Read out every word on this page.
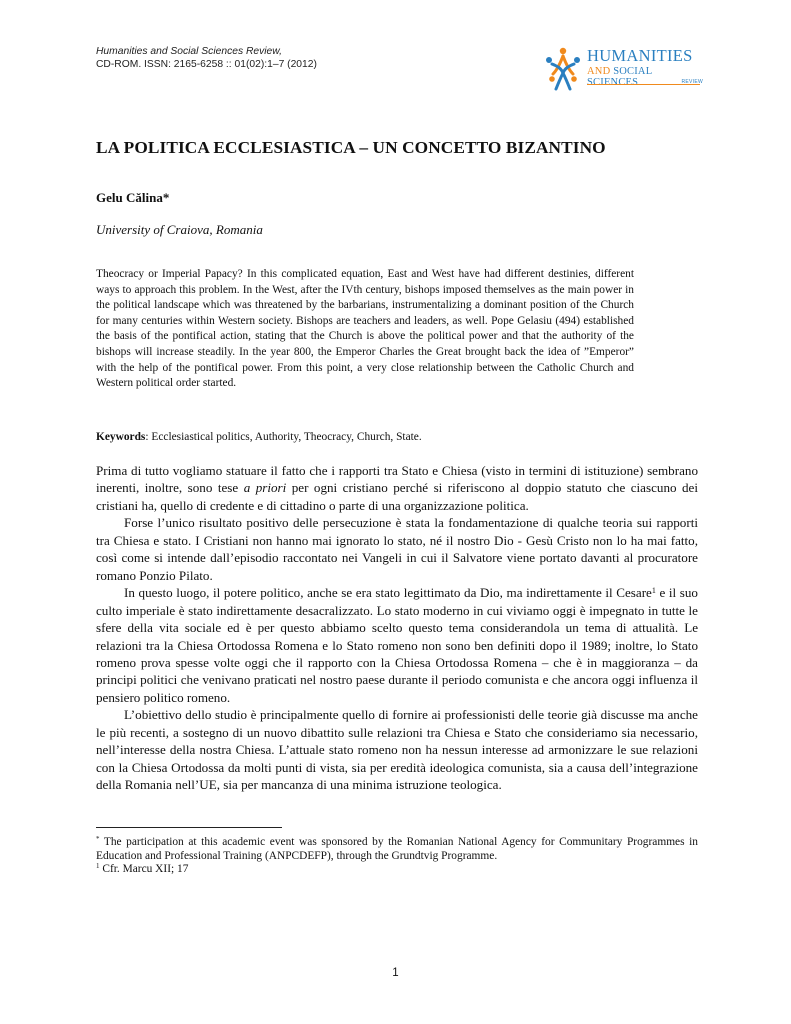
Humanities and Social Sciences Review,
CD-ROM. ISSN: 2165-6258 :: 01(02):1–7 (2012)	HUMANITIES
AND SOCIAL SCIENCES	REVIEW
LA POLITICA ECCLESIASTICA – UN CONCETTO BIZANTINO
Gelu Călina*
University of Craiova, Romania

Theocracy or Imperial Papacy? In this complicated equation, East and West have had different destinies, different ways to approach this problem. In the West, after the IVth century, bishops imposed themselves as the main power in the political landscape which was threatened by the barbarians, instrumentalizing a dominant position of the Church for many centuries within Western society. Bishops are teachers and leaders, as well. Pope Gelasiu (494) established the basis of the pontifical action, stating that the Church is above the political power and that the authority of the bishops will increase steadily. In the year 800, the Emperor Charles the Great brought back the idea of ”Emperor” with the help of the pontifical power. From this point, a very close relationship between the Catholic Church and Western political order started.

Keywords: Ecclesiastical politics, Authority, Theocracy, Church, State.

Prima di tutto vogliamo statuare il fatto che i rapporti tra Stato e Chiesa (visto in termini di istituzione) sembrano inerenti, inoltre, sono tese a priori per ogni cristiano perché si riferiscono al doppio statuto che ciascuno dei cristiani ha, quello di credente e di cittadino o parte di una organizzazione politica.

Forse l’unico risultato positivo delle persecuzione è stata la fondamentazione di qualche teoria sui rapporti tra Chiesa e stato. I Cristiani non hanno mai ignorato lo stato, né il nostro Dio - Gesù Cristo non lo ha mai fatto, così come si intende dall’episodio raccontato nei Vangeli in cui il Salvatore viene portato davanti al procuratore romano Ponzio Pilato.

In questo luogo, il potere politico, anche se era stato legittimato da Dio, ma indirettamente il Cesare$^1$ e il suo culto imperiale è stato indirettamente desacralizzato. Lo stato moderno in cui viviamo oggi è impegnato in tutte le sfere della vita sociale ed è per questo abbiamo scelto questo tema considerandola un tema di attualità. Le relazioni tra la Chiesa Ortodossa Romena e lo Stato romeno non sono ben definiti dopo il 1989; inoltre, lo Stato romeno prova spesse volte oggi che il rapporto con la Chiesa Ortodossa Romena – che è in maggioranza – da principi politici che venivano praticati nel nostro paese durante il periodo comunista e che ancora oggi influenza il pensiero politico romeno.

L’obiettivo dello studio è principalmente quello di fornire ai professionisti delle teorie già discusse ma anche le più recenti, a sostegno di un nuovo dibattito sulle relazioni tra Chiesa e Stato che consideriamo sia necessario, nell’interesse della nostra Chiesa. L’attuale stato romeno non ha nessun interesse ad armonizzare le sue relazioni con la Chiesa Ortodossa da molti punti di vista, sia per eredità ideologica comunista, sia a causa dell’integrazione della Romania nell’UE, sia per mancanza di una minima istruzione teologica.

* The participation at this academic event was sponsored by the Romanian National Agency for Communitary Programmes in Education and Professional Training (ANPCDEFP), through the Grundtvig Programme.

$^1$ Cfr. Marcu XII; 17

1
